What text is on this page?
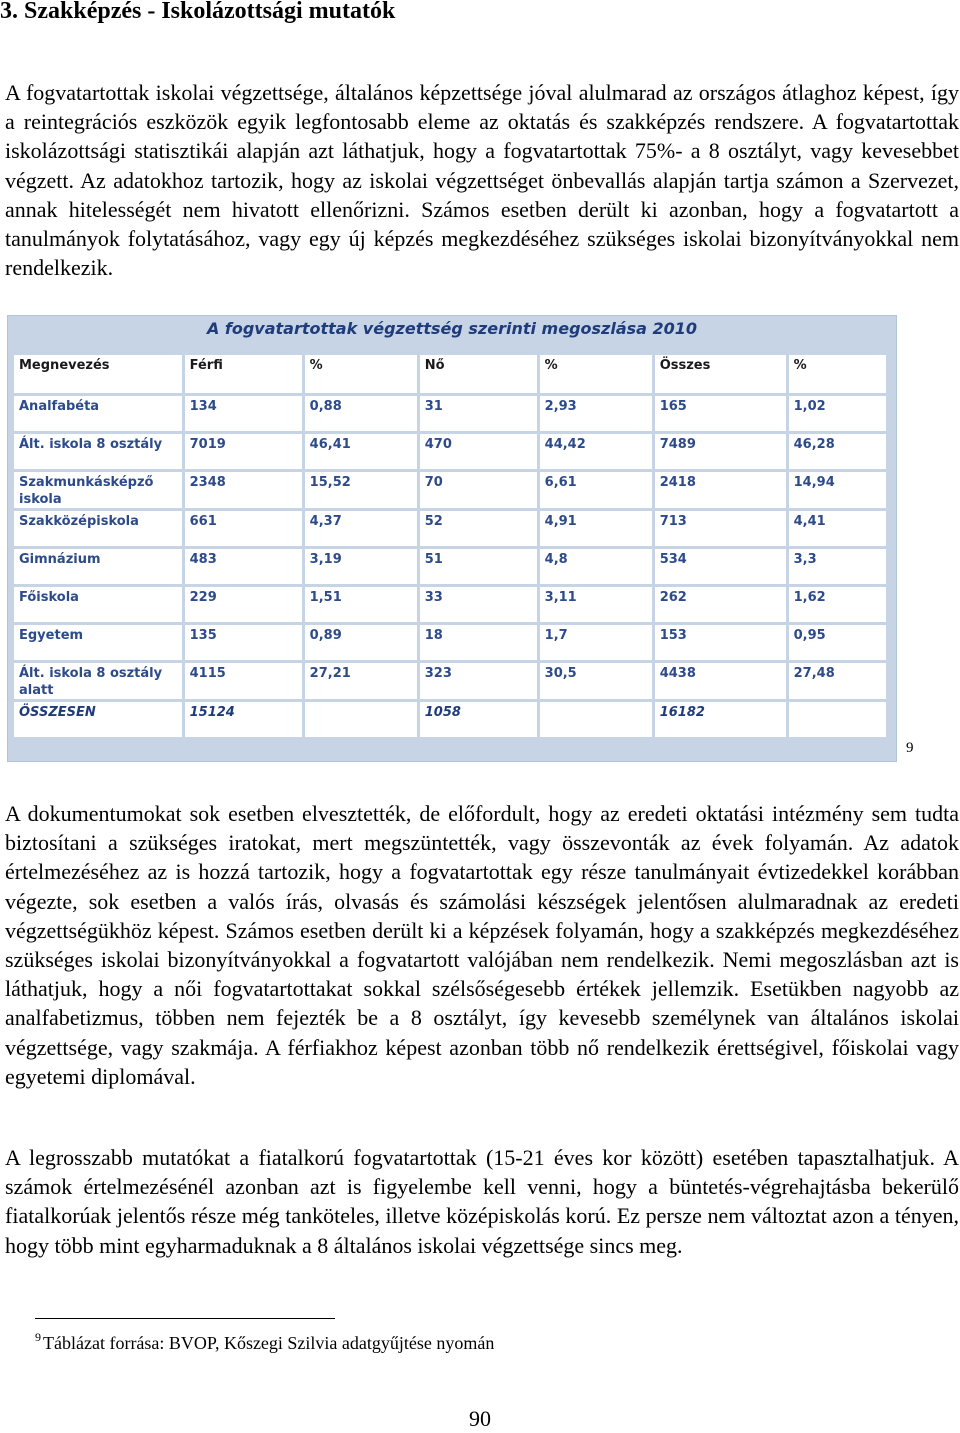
3. Szakképzés - Iskolázottsági mutatók

A fogvatartottak iskolai végzettsége, általános képzettsége jóval alulmarad az országos átlaghoz képest, így a reintegrációs eszközök egyik legfontosabb eleme az oktatás és szakképzés rendszere. A fogvatartottak iskolázottsági statisztikái alapján azt láthatjuk, hogy a fogvatartottak 75%- a 8 osztályt, vagy kevesebbet végzett. Az adatokhoz tartozik, hogy az iskolai végzettséget önbevallás alapján tartja számon a Szervezet, annak hitelességét nem hivatott ellenőrizni. Számos esetben derült ki azonban, hogy a fogvatartott a tanulmányok folytatásához, vagy egy új képzés megkezdéséhez szükséges iskolai bizonyítványokkal nem rendelkezik.

A fogvatartottak végzettség szerinti megoszlása 2010
Megnevezés	Férfi	%	Nő	%	Összes	%
Analfabéta	134	0,88	31	2,93	165	1,02
Ált. iskola 8 osztály	7019	46,41	470	44,42	7489	46,28
Szakmunkásképző iskola	2348	15,52	70	6,61	2418	14,94
Szakközépiskola	661	4,37	52	4,91	713	4,41
Gimnázium	483	3,19	51	4,8	534	3,3
Főiskola	229	1,51	33	3,11	262	1,62
Egyetem	135	0,89	18	1,7	153	0,95
Ált. iskola 8 osztály alatt	4115	27,21	323	30,5	4438	27,48
ÖSSZESEN	15124		1058		16182	
9

A dokumentumokat sok esetben elvesztették, de előfordult, hogy az eredeti oktatási intézmény sem tudta biztosítani a szükséges iratokat, mert megszüntették, vagy összevonták az évek folyamán. Az adatok értelmezéséhez az is hozzá tartozik, hogy a fogvatartottak egy része tanulmányait évtizedekkel korábban végezte, sok esetben a valós írás, olvasás és számolási készségek jelentősen alulmaradnak az eredeti végzettségükhöz képest. Számos esetben derült ki a képzések folyamán, hogy a szakképzés megkezdéséhez szükséges iskolai bizonyítványokkal a fogvatartott valójában nem rendelkezik. Nemi megoszlásban azt is láthatjuk, hogy a női fogvatartottakat sokkal szélsőségesebb értékek jellemzik. Esetükben nagyobb az analfabetizmus, többen nem fejezték be a 8 osztályt, így kevesebb személynek van általános iskolai végzettsége, vagy szakmája. A férfiakhoz képest azonban több nő rendelkezik érettségivel, főiskolai vagy egyetemi diplomával.

A legrosszabb mutatókat a fiatalkorú fogvatartottak (15-21 éves kor között) esetében tapasztalhatjuk. A számok értelmezésénél azonban azt is figyelembe kell venni, hogy a büntetés-végrehajtásba bekerülő fiatalkorúak jelentős része még tanköteles, illetve középiskolás korú. Ez persze nem változtat azon a tényen, hogy több mint egyharmaduknak a 8 általános iskolai végzettsége sincs meg.

$^9$ Táblázat forrása: BVOP, Kőszegi Szilvia adatgyűjtése nyomán

90
